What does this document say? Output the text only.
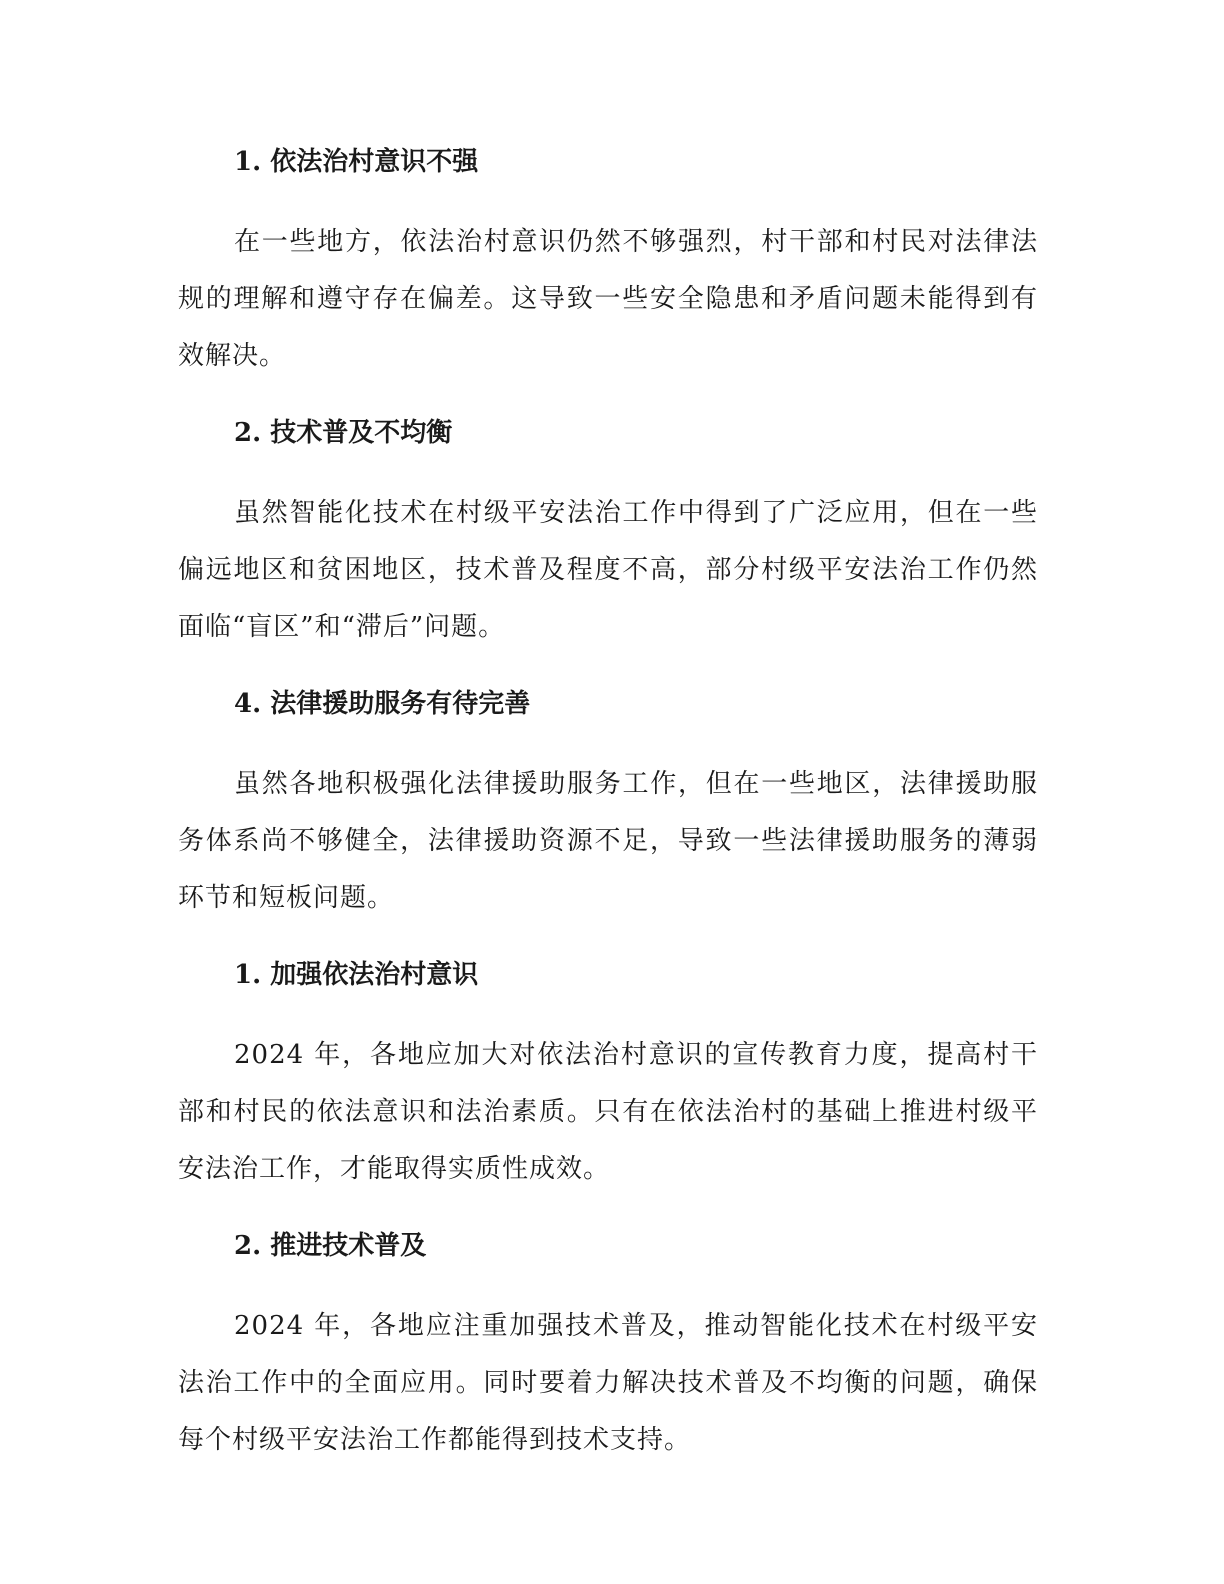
1. 依法治村意识不强

在一些地方，依法治村意识仍然不够强烈，村干部和村民对法律法规的理解和遵守存在偏差。这导致一些安全隐患和矛盾问题未能得到有效解决。

2. 技术普及不均衡

虽然智能化技术在村级平安法治工作中得到了广泛应用，但在一些偏远地区和贫困地区，技术普及程度不高，部分村级平安法治工作仍然面临“盲区”和“滞后”问题。

4. 法律援助服务有待完善

虽然各地积极强化法律援助服务工作，但在一些地区，法律援助服务体系尚不够健全，法律援助资源不足，导致一些法律援助服务的薄弱环节和短板问题。

1. 加强依法治村意识

2024 年，各地应加大对依法治村意识的宣传教育力度，提高村干部和村民的依法意识和法治素质。只有在依法治村的基础上推进村级平安法治工作，才能取得实质性成效。

2. 推进技术普及

2024 年，各地应注重加强技术普及，推动智能化技术在村级平安法治工作中的全面应用。同时要着力解决技术普及不均衡的问题，确保每个村级平安法治工作都能得到技术支持。
